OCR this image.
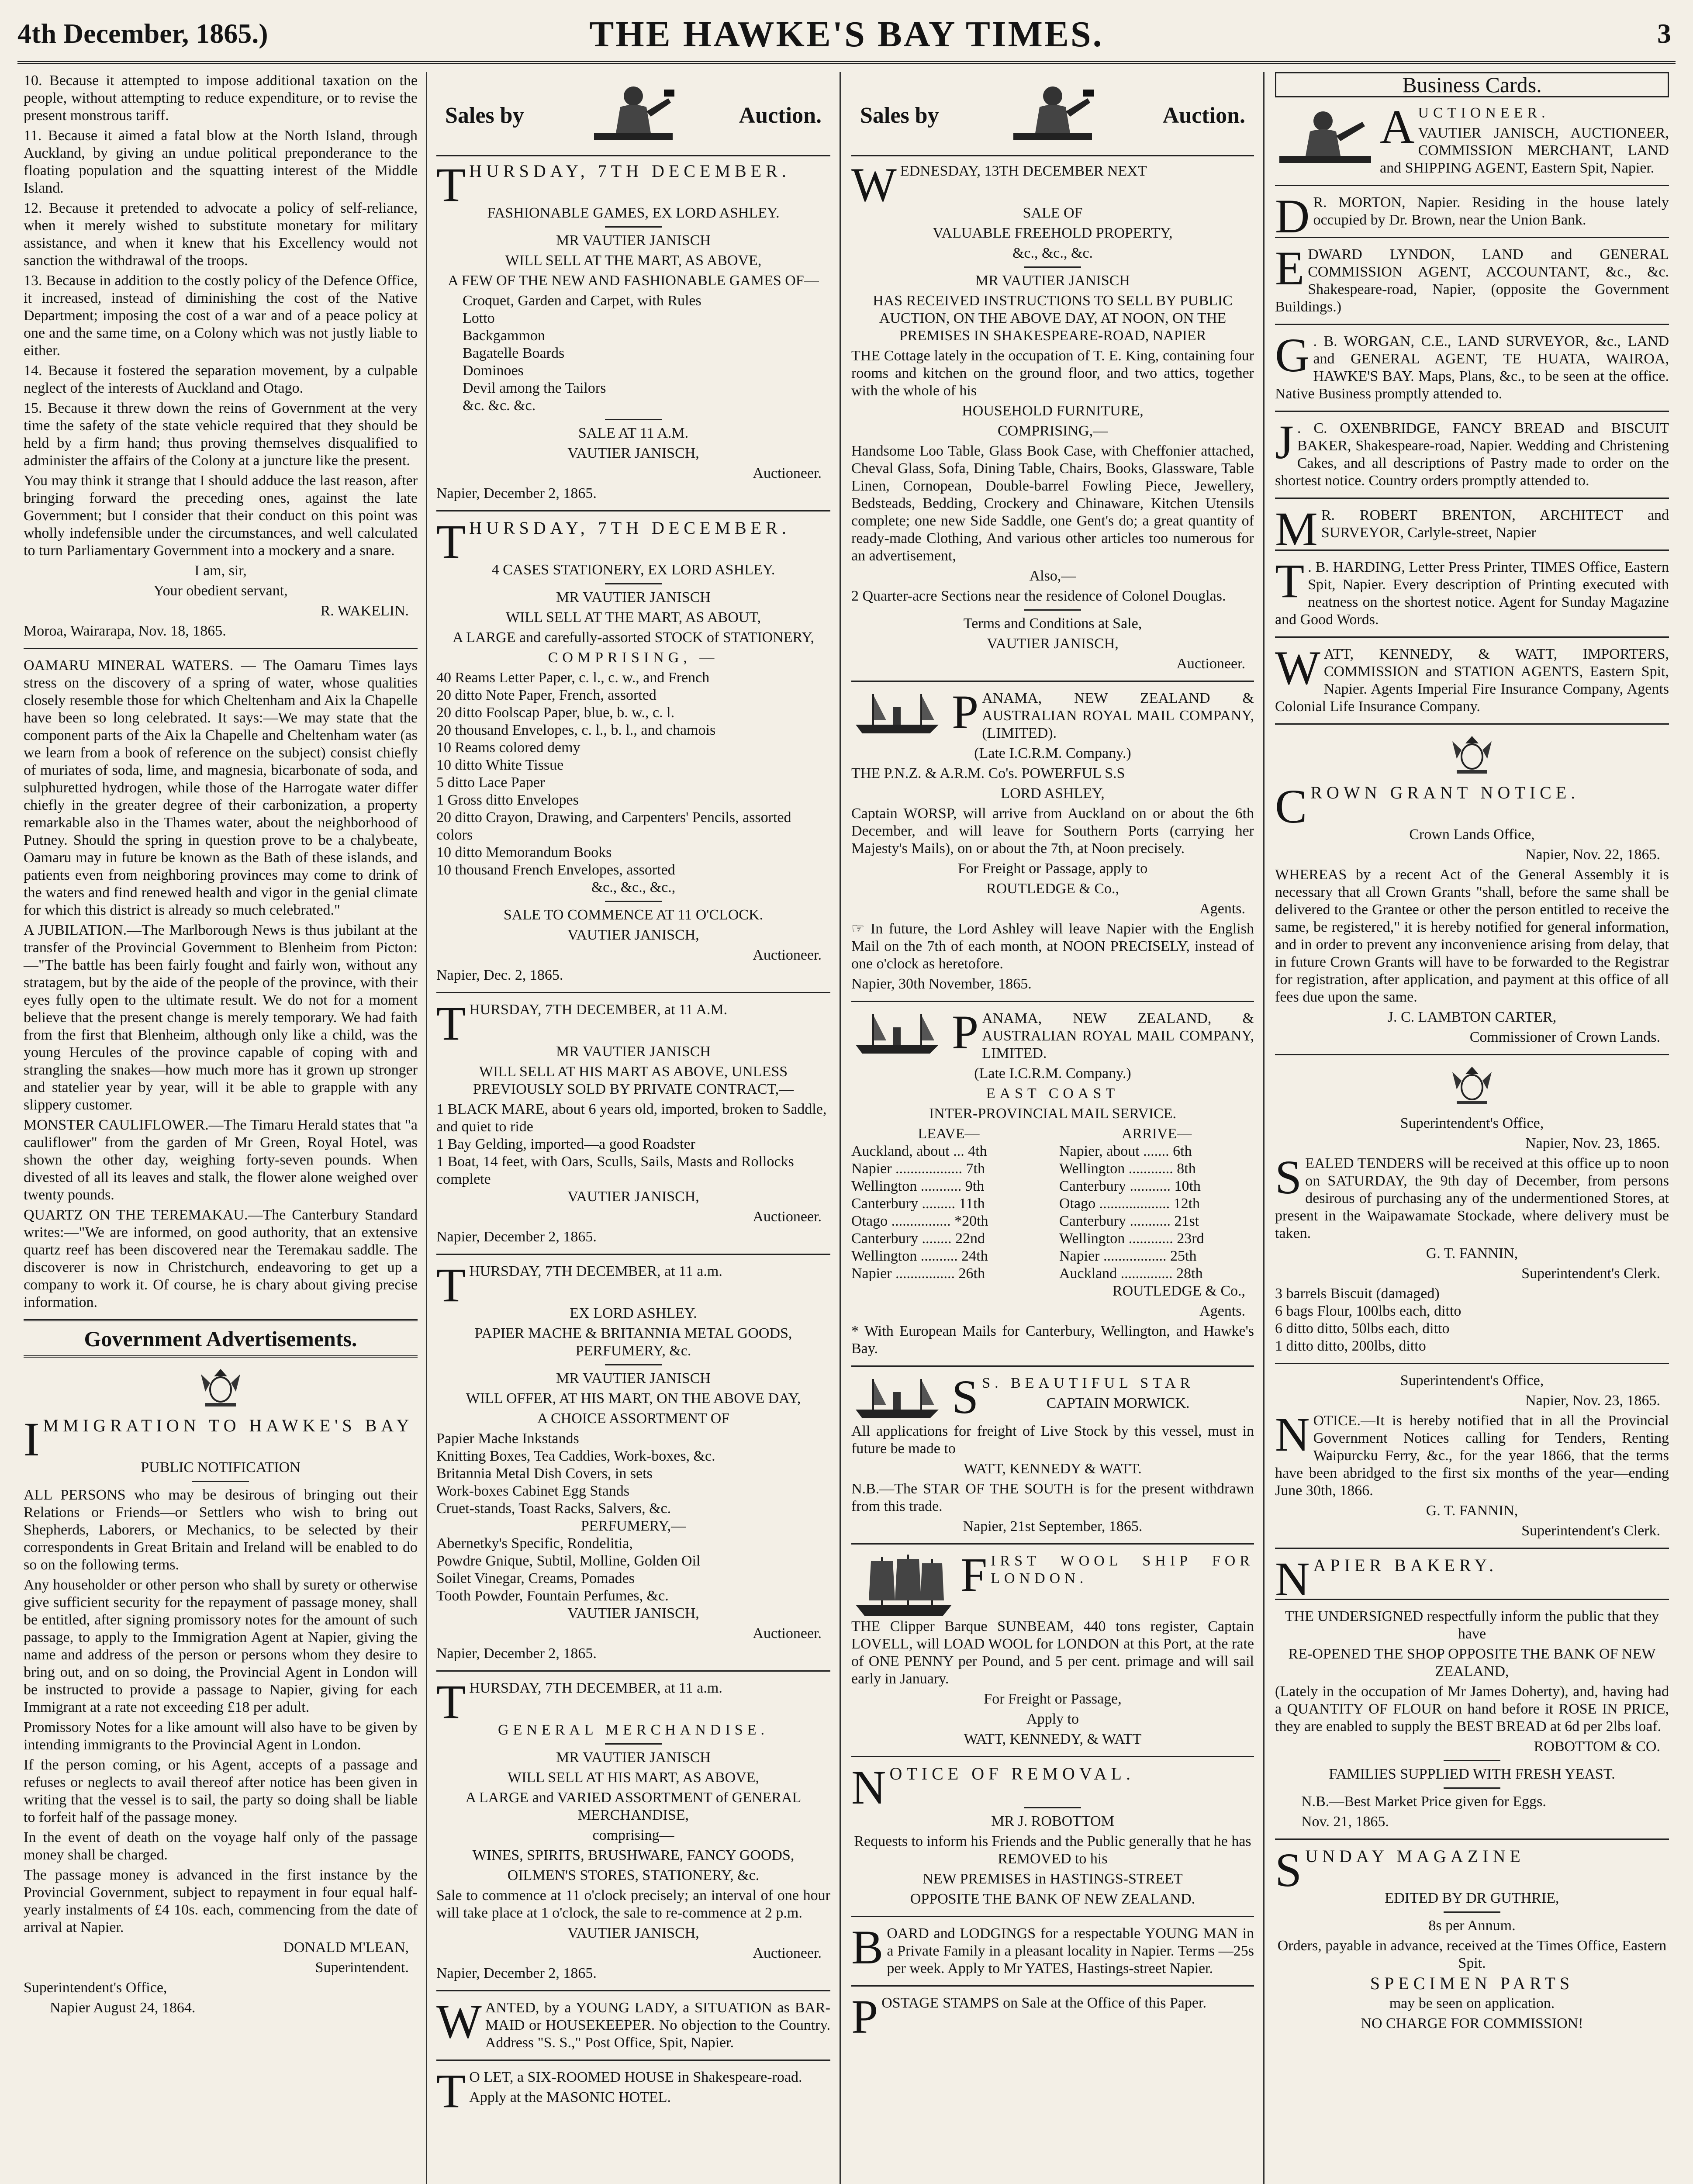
4th December, 1865.)	THE HAWKE'S BAY TIMES.	3

10. Because it attempted to impose additional taxation on the people, without attempting to reduce expenditure, or to revise the present monstrous tariff.

11. Because it aimed a fatal blow at the North Island, through Auckland, by giving an undue political preponderance to the floating population and the squatting interest of the Middle Island.

12. Because it pretended to advocate a policy of self-reliance, when it merely wished to substitute monetary for military assistance, and when it knew that his Excellency would not sanction the withdrawal of the troops.

13. Because in addition to the costly policy of the Defence Office, it increased, instead of diminishing the cost of the Native Department; imposing the cost of a war and of a peace policy at one and the same time, on a Colony which was not justly liable to either.

14. Because it fostered the separation movement, by a culpable neglect of the interests of Auckland and Otago.

15. Because it threw down the reins of Government at the very time the safety of the state vehicle required that they should be held by a firm hand; thus proving themselves disqualified to administer the affairs of the Colony at a juncture like the present.

You may think it strange that I should adduce the last reason, after bringing forward the preceding ones, against the late Government; but I consider that their conduct on this point was wholly indefensible under the circumstances, and well calculated to turn Parliamentary Government into a mockery and a snare.

I am, sir,

Your obedient servant,

R. WAKELIN.

Moroa, Wairarapa, Nov. 18, 1865.

OAMARU MINERAL WATERS. — The Oamaru Times lays stress on the discovery of a spring of water, whose qualities closely resemble those for which Cheltenham and Aix la Chapelle have been so long celebrated. It says:—We may state that the component parts of the Aix la Chapelle and Cheltenham water (as we learn from a book of reference on the subject) consist chiefly of muriates of soda, lime, and magnesia, bicarbonate of soda, and sulphuretted hydrogen, while those of the Harrogate water differ chiefly in the greater degree of their carbonization, a property remarkable also in the Thames water, about the neighborhood of Putney. Should the spring in question prove to be a chalybeate, Oamaru may in future be known as the Bath of these islands, and patients even from neighboring provinces may come to drink of the waters and find renewed health and vigor in the genial climate for which this district is already so much celebrated."

A JUBILATION.—The Marlborough News is thus jubilant at the transfer of the Provincial Government to Blenheim from Picton:—"The battle has been fairly fought and fairly won, without any stratagem, but by the aide of the people of the province, with their eyes fully open to the ultimate result. We do not for a moment believe that the present change is merely temporary. We had faith from the first that Blenheim, although only like a child, was the young Hercules of the province capable of coping with and strangling the snakes—how much more has it grown up stronger and statelier year by year, will it be able to grapple with any slippery customer.

MONSTER CAULIFLOWER.—The Timaru Herald states that "a cauliflower" from the garden of Mr Green, Royal Hotel, was shown the other day, weighing forty-seven pounds. When divested of all its leaves and stalk, the flower alone weighed over twenty pounds.

QUARTZ ON THE TEREMAKAU.—The Canterbury Standard writes:—"We are informed, on good authority, that an extensive quartz reef has been discovered near the Teremakau saddle. The discoverer is now in Christchurch, endeavoring to get up a company to work it. Of course, he is chary about giving precise information.

Government Advertisements.

IMMIGRATION TO HAWKE'S BAY

PUBLIC NOTIFICATION

ALL PERSONS who may be desirous of bringing out their Relations or Friends—or Settlers who wish to bring out Shepherds, Laborers, or Mechanics, to be selected by their correspondents in Great Britain and Ireland will be enabled to do so on the following terms.

Any householder or other person who shall by surety or otherwise give sufficient security for the repayment of passage money, shall be entitled, after signing promissory notes for the amount of such passage, to apply to the Immigration Agent at Napier, giving the name and address of the person or persons whom they desire to bring out, and on so doing, the Provincial Agent in London will be instructed to provide a passage to Napier, giving for each Immigrant at a rate not exceeding £18 per adult.

Promissory Notes for a like amount will also have to be given by intending immigrants to the Provincial Agent in London.

If the person coming, or his Agent, accepts of a passage and refuses or neglects to avail thereof after notice has been given in writing that the vessel is to sail, the party so doing shall be liable to forfeit half of the passage money.

In the event of death on the voyage half only of the passage money shall be charged.

The passage money is advanced in the first instance by the Provincial Government, subject to repayment in four equal half-yearly instalments of £4 10s. each, commencing from the date of arrival at Napier.

DONALD M'LEAN,

Superintendent.

Superintendent's Office,

Napier August 24, 1864.

Sales by	Auction.

THURSDAY, 7TH DECEMBER.

FASHIONABLE GAMES, EX LORD ASHLEY.

MR VAUTIER JANISCH

WILL SELL AT THE MART, AS ABOVE,

A FEW OF THE NEW AND FASHIONABLE GAMES OF—

Croquet, Garden and Carpet, with Rules
Lotto
Backgammon
Bagatelle Boards
Dominoes
Devil among the Tailors
&c. &c. &c.

SALE AT 11 A.M.

VAUTIER JANISCH,

Auctioneer.

Napier, December 2, 1865.

THURSDAY, 7TH DECEMBER.

4 CASES STATIONERY, EX LORD ASHLEY.

MR VAUTIER JANISCH

WILL SELL AT THE MART, AS ABOUT,

A LARGE and carefully-assorted STOCK of STATIONERY,

COMPRISING, —

40 Reams Letter Paper, c. l., c. w., and French
20 ditto Note Paper, French, assorted
20 ditto Foolscap Paper, blue, b. w., c. l.
20 thousand Envelopes, c. l., b. l., and chamois
10 Reams colored demy
10 ditto White Tissue
5 ditto Lace Paper
1 Gross ditto Envelopes
20 ditto Crayon, Drawing, and Carpenters' Pencils, assorted colors
10 ditto Memorandum Books
10 thousand French Envelopes, assorted
&c., &c., &c.,

SALE TO COMMENCE AT 11 O'CLOCK.

VAUTIER JANISCH,

Auctioneer.

Napier, Dec. 2, 1865.

THURSDAY, 7TH DECEMBER, at 11 A.M.

MR VAUTIER JANISCH

WILL SELL AT HIS MART AS ABOVE, UNLESS PREVIOUSLY SOLD BY PRIVATE CONTRACT,—

1 BLACK MARE, about 6 years old, imported, broken to Saddle, and quiet to ride
1 Bay Gelding, imported—a good Roadster
1 Boat, 14 feet, with Oars, Sculls, Sails, Masts and Rollocks complete

VAUTIER JANISCH,

Auctioneer.

Napier, December 2, 1865.

THURSDAY, 7TH DECEMBER, at 11 a.m.

EX LORD ASHLEY.

PAPIER MACHE & BRITANNIA METAL GOODS, PERFUMERY, &c.

MR VAUTIER JANISCH

WILL OFFER, AT HIS MART, ON THE ABOVE DAY,

A CHOICE ASSORTMENT OF

Papier Mache Inkstands
Knitting Boxes, Tea Caddies, Work-boxes, &c.
Britannia Metal Dish Covers, in sets
Work-boxes Cabinet Egg Stands
Cruet-stands, Toast Racks, Salvers, &c.
PERFUMERY,—
Abernetky's Specific, Rondelitia,
Powdre Gnique, Subtil, Molline, Golden Oil
Soilet Vinegar, Creams, Pomades
Tooth Powder, Fountain Perfumes, &c.

VAUTIER JANISCH,

Auctioneer.

Napier, December 2, 1865.

THURSDAY, 7TH DECEMBER, at 11 a.m.

GENERAL MERCHANDISE.

MR VAUTIER JANISCH

WILL SELL AT HIS MART, AS ABOVE,

A LARGE and VARIED ASSORTMENT of GENERAL MERCHANDISE,

comprising—

WINES, SPIRITS, BRUSHWARE, FANCY GOODS,

OILMEN'S STORES, STATIONERY, &c.

Sale to commence at 11 o'clock precisely; an interval of one hour will take place at 1 o'clock, the sale to re-commence at 2 p.m.

VAUTIER JANISCH,

Auctioneer.

Napier, December 2, 1865.

WANTED, by a YOUNG LADY, a SITUATION as BAR-MAID or HOUSEKEEPER. No objection to the Country. Address "S. S.," Post Office, Spit, Napier.

T O LET, a SIX-ROOMED HOUSE in Shakespeare-road.

Apply at the MASONIC HOTEL.

Sales by	Auction.

WEDNESDAY, 13TH DECEMBER NEXT

SALE OF

VALUABLE FREEHOLD PROPERTY,

&c., &c., &c.

MR VAUTIER JANISCH

HAS RECEIVED INSTRUCTIONS TO SELL BY PUBLIC AUCTION, ON THE ABOVE DAY, AT NOON, ON THE PREMISES IN SHAKESPEARE-ROAD, NAPIER

THE Cottage lately in the occupation of T. E. King, containing four rooms and kitchen on the ground floor, and two attics, together with the whole of his

HOUSEHOLD FURNITURE,

COMPRISING,—

Handsome Loo Table, Glass Book Case, with Cheffonier attached, Cheval Glass, Sofa, Dining Table, Chairs, Books, Glassware, Table Linen, Cornopean, Double-barrel Fowling Piece, Jewellery, Bedsteads, Bedding, Crockery and Chinaware, Kitchen Utensils complete; one new Side Saddle, one Gent's do; a great quantity of ready-made Clothing, And various other articles too numerous for an advertisement,

Also,—

2 Quarter-acre Sections near the residence of Colonel Douglas.

Terms and Conditions at Sale,

VAUTIER JANISCH,

Auctioneer.

PANAMA, NEW ZEALAND & AUSTRALIAN ROYAL MAIL COMPANY, (LIMITED).

(Late I.C.R.M. Company.)

THE P.N.Z. & A.R.M. Co's. POWERFUL S.S

LORD ASHLEY,

Captain WORSP, will arrive from Auckland on or about the 6th December, and will leave for Southern Ports (carrying her Majesty's Mails), on or about the 7th, at Noon precisely.

For Freight or Passage, apply to

ROUTLEDGE & Co.,

Agents.

☞ In future, the Lord Ashley will leave Napier with the English Mail on the 7th of each month, at NOON PRECISELY, instead of one o'clock as heretofore.

Napier, 30th November, 1865.

PANAMA, NEW ZEALAND, & AUSTRALIAN ROYAL MAIL COMPANY, LIMITED.

(Late I.C.R.M. Company.)

EAST COAST

INTER-PROVINCIAL MAIL SERVICE.

LEAVE—	ARRIVE—
Auckland, about ... 4th	Napier, about ....... 6th
Napier .................. 7th	Wellington ............ 8th
Wellington ........... 9th	Canterbury ........... 10th
Canterbury ......... 11th	Otago ................... 12th
Otago ................ *20th	Canterbury ........... 21st
Canterbury ........ 22nd	Wellington ............ 23rd
Wellington .......... 24th	Napier ................. 25th
Napier ................ 26th	Auckland .............. 28th

ROUTLEDGE & Co.,

Agents.

* With European Mails for Canterbury, Wellington, and Hawke's Bay.

S S. BEAUTIFUL STAR

CAPTAIN MORWICK.

All applications for freight of Live Stock by this vessel, must in future be made to

WATT, KENNEDY & WATT.

N.B.—The STAR OF THE SOUTH is for the present withdrawn from this trade.

Napier, 21st September, 1865.

FIRST WOOL SHIP FOR LONDON.

THE Clipper Barque SUNBEAM, 440 tons register, Captain LOVELL, will LOAD WOOL for LONDON at this Port, at the rate of ONE PENNY per Pound, and 5 per cent. primage and will sail early in January.

For Freight or Passage,

Apply to

WATT, KENNEDY, & WATT

NOTICE OF REMOVAL.

MR J. ROBOTTOM

Requests to inform his Friends and the Public generally that he has REMOVED to his

NEW PREMISES in HASTINGS-STREET

OPPOSITE THE BANK OF NEW ZEALAND.

BOARD and LODGINGS for a respectable YOUNG MAN in a Private Family in a pleasant locality in Napier. Terms —25s per week. Apply to Mr YATES, Hastings-street Napier.

POSTAGE STAMPS on Sale at the Office of this Paper.

Business Cards.

AUCTIONEER.

VAUTIER JANISCH, AUCTIONEER, COMMISSION MERCHANT, LAND and SHIPPING AGENT, Eastern Spit, Napier.

D R. MORTON, Napier. Residing in the house lately occupied by Dr. Brown, near the Union Bank.

EDWARD LYNDON, LAND and GENERAL COMMISSION AGENT, ACCOUNTANT, &c., &c. Shakespeare-road, Napier, (opposite the Government Buildings.)

G . B. WORGAN, C.E., LAND SURVEYOR, &c., LAND and GENERAL AGENT, TE HUATA, WAIROA, HAWKE'S BAY. Maps, Plans, &c., to be seen at the office. Native Business promptly attended to.

J . C. OXENBRIDGE, FANCY BREAD and BISCUIT BAKER, Shakespeare-road, Napier. Wedding and Christening Cakes, and all descriptions of Pastry made to order on the shortest notice. Country orders promptly attended to.

M R. ROBERT BRENTON, ARCHITECT and SURVEYOR, Carlyle-street, Napier

T . B. HARDING, Letter Press Printer, TIMES Office, Eastern Spit, Napier. Every description of Printing executed with neatness on the shortest notice. Agent for Sunday Magazine and Good Words.

WATT, KENNEDY, & WATT, IMPORTERS, COMMISSION and STATION AGENTS, Eastern Spit, Napier. Agents Imperial Fire Insurance Company, Agents Colonial Life Insurance Company.

CROWN GRANT NOTICE.

Crown Lands Office,

Napier, Nov. 22, 1865.

WHEREAS by a recent Act of the General Assembly it is necessary that all Crown Grants "shall, before the same shall be delivered to the Grantee or other the person entitled to receive the same, be registered," it is hereby notified for general information, and in order to prevent any inconvenience arising from delay, that in future Crown Grants will have to be forwarded to the Registrar for registration, after application, and payment at this office of all fees due upon the same.

J. C. LAMBTON CARTER,

Commissioner of Crown Lands.

Superintendent's Office,

Napier, Nov. 23, 1865.

SEALED TENDERS will be received at this office up to noon on SATURDAY, the 9th day of December, from persons desirous of purchasing any of the undermentioned Stores, at present in the Waipawamate Stockade, where delivery must be taken.

G. T. FANNIN,

Superintendent's Clerk.

3 barrels Biscuit (damaged)
6 bags Flour, 100lbs each, ditto
6 ditto ditto, 50lbs each, ditto
1 ditto ditto, 200lbs, ditto

Superintendent's Office,

Napier, Nov. 23, 1865.

NOTICE.—It is hereby notified that in all the Provincial Government Notices calling for Tenders, Renting Waipurcku Ferry, &c., for the year 1866, that the terms have been abridged to the first six months of the year—ending June 30th, 1866.

G. T. FANNIN,

Superintendent's Clerk.

NAPIER BAKERY.

THE UNDERSIGNED respectfully inform the public that they have

RE-OPENED THE SHOP OPPOSITE THE BANK OF NEW ZEALAND,

(Lately in the occupation of Mr James Doherty), and, having had a QUANTITY OF FLOUR on hand before it ROSE IN PRICE, they are enabled to supply the BEST BREAD at 6d per 2lbs loaf.

ROBOTTOM & CO.

FAMILIES SUPPLIED WITH FRESH YEAST.

N.B.—Best Market Price given for Eggs.

Nov. 21, 1865.

SUNDAY MAGAZINE

EDITED BY DR GUTHRIE,

8s per Annum.

Orders, payable in advance, received at the Times Office, Eastern Spit.

SPECIMEN PARTS

may be seen on application.

NO CHARGE FOR COMMISSION!
